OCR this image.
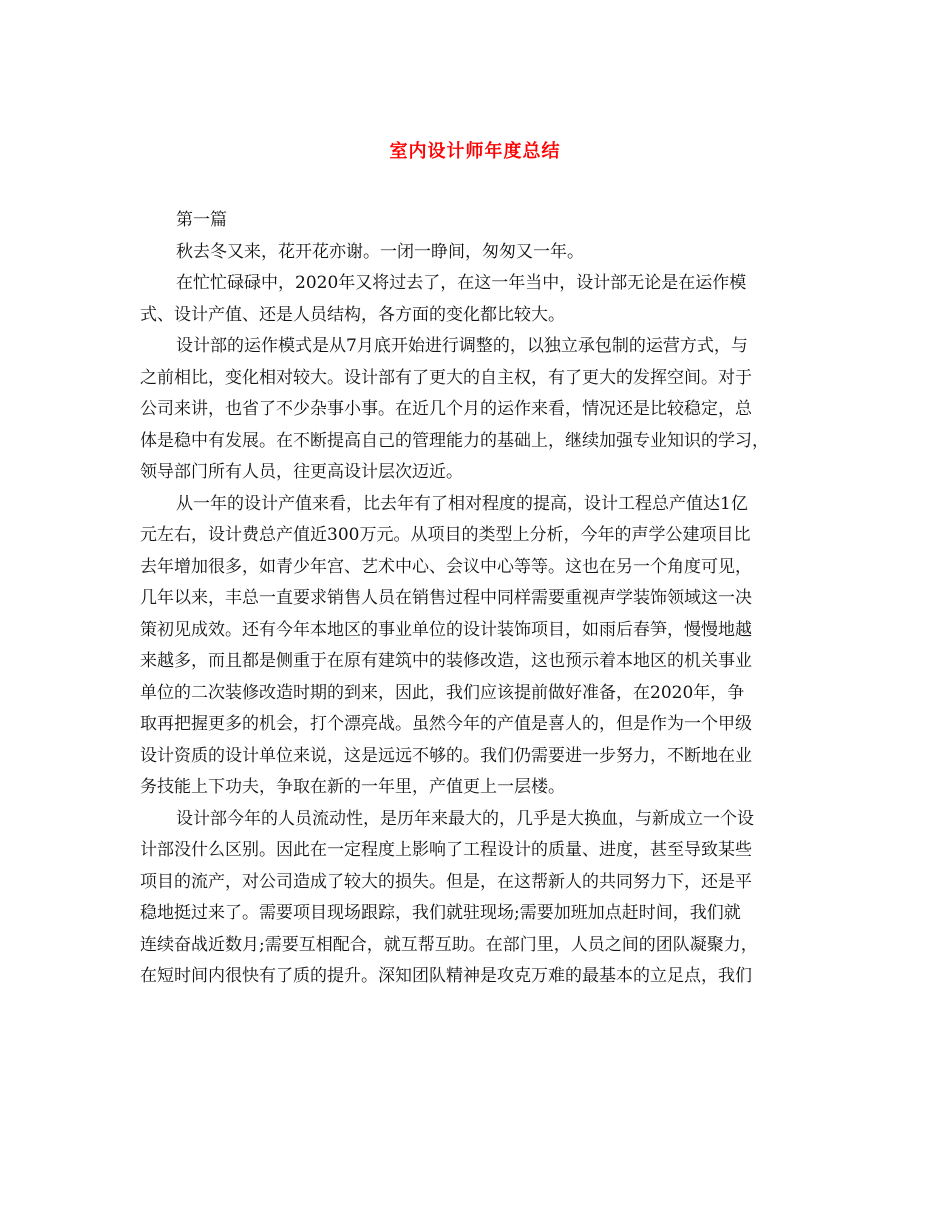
室内设计师年度总结
第一篇
秋去冬又来，花开花亦谢。一闭一睁间，匆匆又一年。
在忙忙碌碌中，2020年又将过去了，在这一年当中，设计部无论是在运作模
式、设计产值、还是人员结构，各方面的变化都比较大。
设计部的运作模式是从7月底开始进行调整的，以独立承包制的运营方式，与
之前相比，变化相对较大。设计部有了更大的自主权，有了更大的发挥空间。对于
公司来讲，也省了不少杂事小事。在近几个月的运作来看，情况还是比较稳定，总
体是稳中有发展。在不断提高自己的管理能力的基础上，继续加强专业知识的学习，
领导部门所有人员，往更高设计层次迈近。
从一年的设计产值来看，比去年有了相对程度的提高，设计工程总产值达1亿
元左右，设计费总产值近300万元。从项目的类型上分析，今年的声学公建项目比
去年增加很多，如青少年宫、艺术中心、会议中心等等。这也在另一个角度可见，
几年以来，丰总一直要求销售人员在销售过程中同样需要重视声学装饰领域这一决
策初见成效。还有今年本地区的事业单位的设计装饰项目，如雨后春笋，慢慢地越
来越多，而且都是侧重于在原有建筑中的装修改造，这也预示着本地区的机关事业
单位的二次装修改造时期的到来，因此，我们应该提前做好准备，在2020年，争
取再把握更多的机会，打个漂亮战。虽然今年的产值是喜人的，但是作为一个甲级
设计资质的设计单位来说，这是远远不够的。我们仍需要进一步努力，不断地在业
务技能上下功夫，争取在新的一年里，产值更上一层楼。
设计部今年的人员流动性，是历年来最大的，几乎是大换血，与新成立一个设
计部没什么区别。因此在一定程度上影响了工程设计的质量、进度，甚至导致某些
项目的流产，对公司造成了较大的损失。但是，在这帮新人的共同努力下，还是平
稳地挺过来了。需要项目现场跟踪，我们就驻现场;需要加班加点赶时间，我们就
连续奋战近数月;需要互相配合，就互帮互助。在部门里，人员之间的团队凝聚力，
在短时间内很快有了质的提升。深知团队精神是攻克万难的最基本的立足点，我们
